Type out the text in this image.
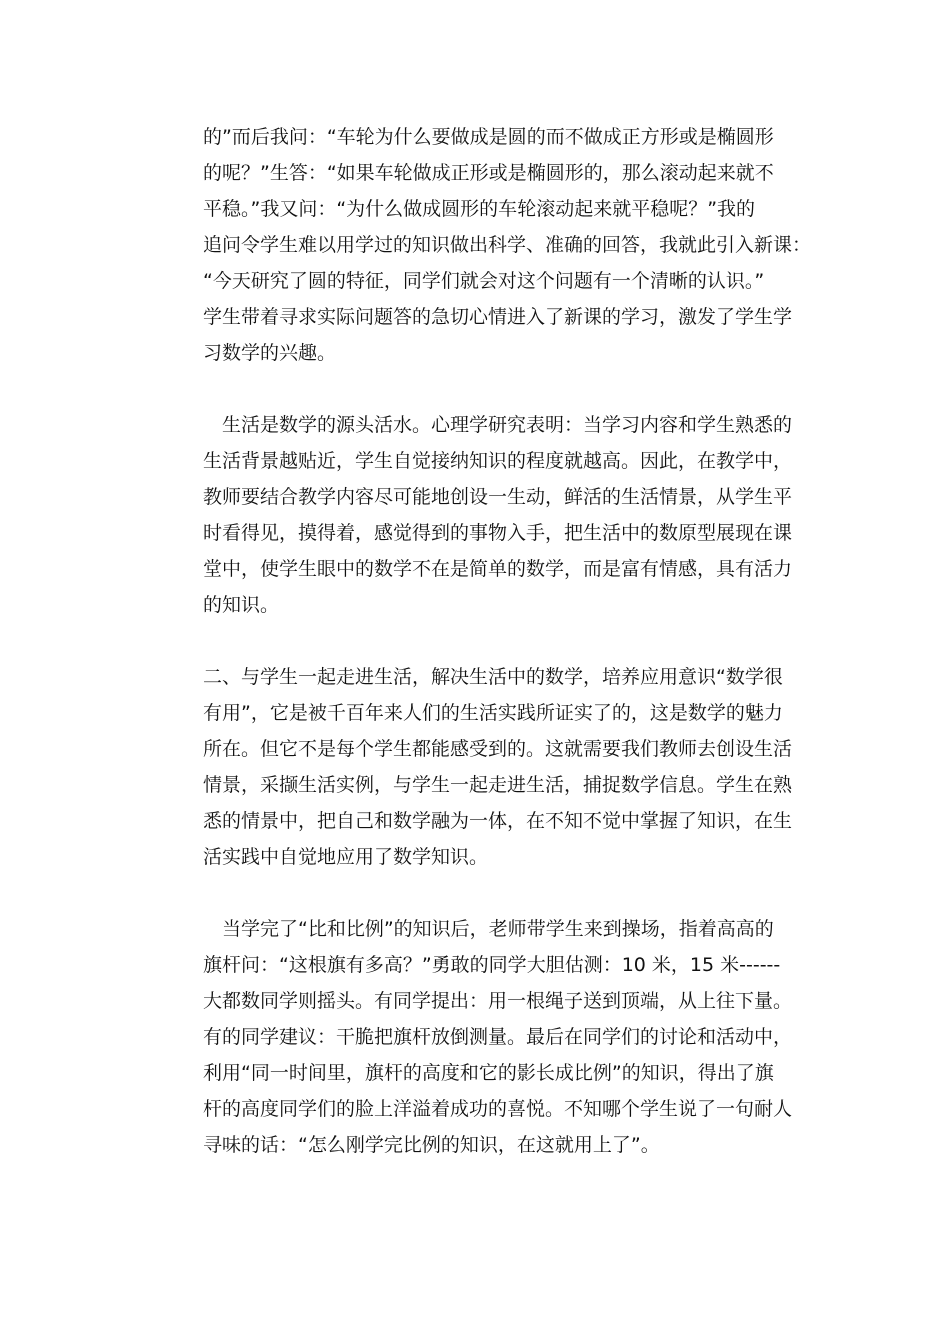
的”而后我问：“车轮为什么要做成是圆的而不做成正方形或是椭圆形
的呢？”生答：“如果车轮做成正形或是椭圆形的，那么滚动起来就不
平稳。”我又问：“为什么做成圆形的车轮滚动起来就平稳呢？”我的
追问令学生难以用学过的知识做出科学、准确的回答，我就此引入新课：
“今天研究了圆的特征，同学们就会对这个问题有一个清晰的认识。”
学生带着寻求实际问题答的急切心情进入了新课的学习，激发了学生学
习数学的兴趣。

　生活是数学的源头活水。心理学研究表明：当学习内容和学生熟悉的
生活背景越贴近，学生自觉接纳知识的程度就越高。因此，在教学中，
教师要结合教学内容尽可能地创设一生动，鲜活的生活情景，从学生平
时看得见，摸得着，感觉得到的事物入手，把生活中的数原型展现在课
堂中，使学生眼中的数学不在是简单的数学，而是富有情感，具有活力
的知识。

二、与学生一起走进生活，解决生活中的数学，培养应用意识“数学很
有用”，它是被千百年来人们的生活实践所证实了的，这是数学的魅力
所在。但它不是每个学生都能感受到的。这就需要我们教师去创设生活
情景，采撷生活实例，与学生一起走进生活，捕捉数学信息。学生在熟
悉的情景中，把自己和数学融为一体，在不知不觉中掌握了知识，在生
活实践中自觉地应用了数学知识。

　当学完了“比和比例”的知识后，老师带学生来到操场，指着高高的
旗杆问：“这根旗有多高？”勇敢的同学大胆估测：10 米，15 米------
大都数同学则摇头。有同学提出：用一根绳子送到顶端，从上往下量。
有的同学建议：干脆把旗杆放倒测量。最后在同学们的讨论和活动中，
利用“同一时间里，旗杆的高度和它的影长成比例”的知识，得出了旗
杆的高度同学们的脸上洋溢着成功的喜悦。不知哪个学生说了一句耐人
寻味的话：“怎么刚学完比例的知识，在这就用上了”。
